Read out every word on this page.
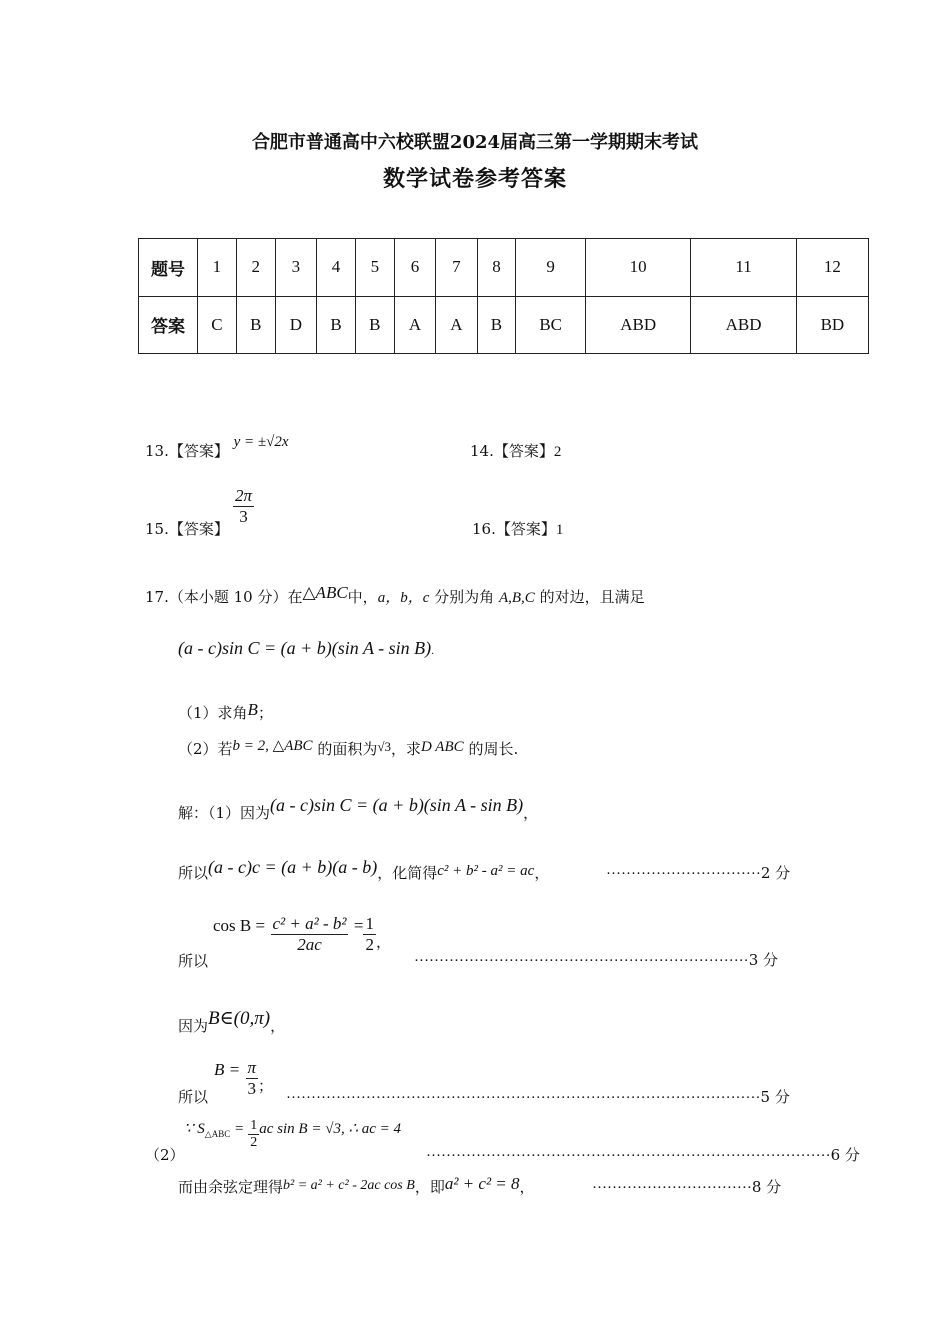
合肥市普通高中六校联盟2024届高三第一学期期末考试
数学试卷参考答案
题号	1	2	3	4	5	6	7	8	9	10	11	12
答案	C	B	D	B	B	A	A	B	BC	ABD	ABD	BD
13.【答案】 y = ±√2x	14.【答案】2
15.【答案】
$\frac{2\pi}{3}$
16.【答案】1
17.（本小题 10 分）在△ABC中，a，b，c 分别为角 A,B,C 的对边，且满足
(a - c)sin C = (a + b)(sin A - sin B).
（1）求角B；
（2）若b = 2, △ABC 的面积为√3，求D ABC 的周长.
解：（1）因为(a - c)sin C = (a + b)(sin A - sin B)，
所以(a - c)c = (a + b)(a - b)，化简得c² + b² - a² = ac，	·······························2 分
所以
$\cos B = \frac{\text{c² + a² - b²}}{2ac} = \frac{1}{2}$ ，
···································································3 分
因为B∈(0,π)，
所以
$B = \frac{\pi}{3}$ ；
·······························································································5 分
（2）
∵ S△ABC = $\frac{1}{2}$ ac sin B = √3, ∴ ac = 4
·················································································6 分
而由余弦定理得b² = a² + c² - 2ac cos B，即a² + c² = 8，	································8 分
